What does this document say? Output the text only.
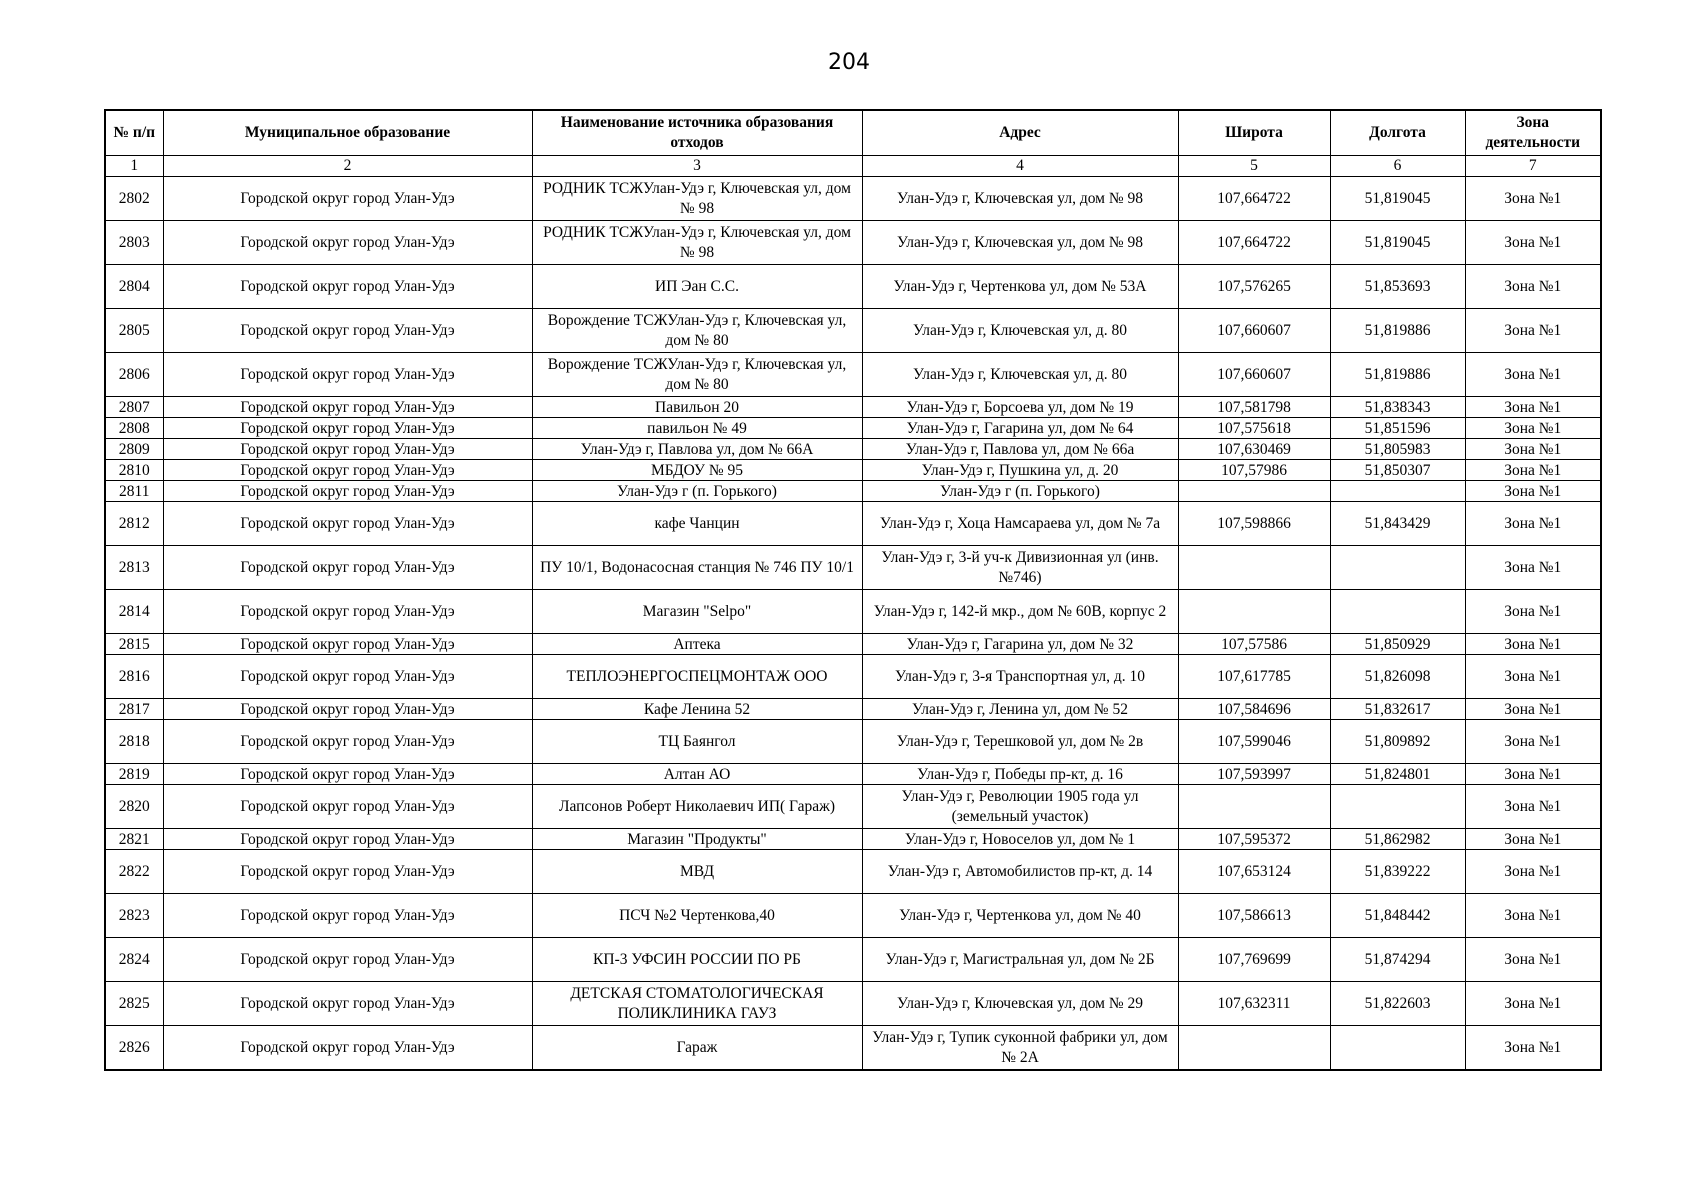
204
№ п/п	Муниципальное образование	Наименование источника образования отходов	Адрес	Широта	Долгота	Зона деятельности
1	2	3	4	5	6	7
2802	Городской округ город Улан-Удэ	РОДНИК ТСЖУлан-Удэ г, Ключевская ул, дом № 98	Улан-Удэ г, Ключевская ул, дом № 98	107,664722	51,819045	Зона №1
2803	Городской округ город Улан-Удэ	РОДНИК ТСЖУлан-Удэ г, Ключевская ул, дом № 98	Улан-Удэ г, Ключевская ул, дом № 98	107,664722	51,819045	Зона №1
2804	Городской округ город Улан-Удэ	ИП Эан С.С.	Улан-Удэ г, Чертенкова ул, дом № 53А	107,576265	51,853693	Зона №1
2805	Городской округ город Улан-Удэ	Ворождение ТСЖУлан-Удэ г, Ключевская ул, дом № 80	Улан-Удэ г, Ключевская ул, д. 80	107,660607	51,819886	Зона №1
2806	Городской округ город Улан-Удэ	Ворождение ТСЖУлан-Удэ г, Ключевская ул, дом № 80	Улан-Удэ г, Ключевская ул, д. 80	107,660607	51,819886	Зона №1
2807	Городской округ город Улан-Удэ	Павильон 20	Улан-Удэ г, Борсоева ул, дом № 19	107,581798	51,838343	Зона №1
2808	Городской округ город Улан-Удэ	павильон № 49	Улан-Удэ г, Гагарина ул, дом № 64	107,575618	51,851596	Зона №1
2809	Городской округ город Улан-Удэ	Улан-Удэ г, Павлова ул, дом № 66А	Улан-Удэ г, Павлова ул, дом № 66а	107,630469	51,805983	Зона №1
2810	Городской округ город Улан-Удэ	МБДОУ № 95	Улан-Удэ г, Пушкина ул, д. 20	107,57986	51,850307	Зона №1
2811	Городской округ город Улан-Удэ	Улан-Удэ г (п. Горького)	Улан-Удэ г (п. Горького)			Зона №1
2812	Городской округ город Улан-Удэ	кафе Чанцин	Улан-Удэ г, Хоца Намсараева ул, дом № 7а	107,598866	51,843429	Зона №1
2813	Городской округ город Улан-Удэ	ПУ 10/1, Водонасосная станция № 746 ПУ 10/1	Улан-Удэ г, 3-й уч-к Дивизионная ул (инв. №746)			Зона №1
2814	Городской округ город Улан-Удэ	Магазин "Selpo"	Улан-Удэ г, 142-й мкр., дом № 60В, корпус 2			Зона №1
2815	Городской округ город Улан-Удэ	Аптека	Улан-Удэ г, Гагарина ул, дом № 32	107,57586	51,850929	Зона №1
2816	Городской округ город Улан-Удэ	ТЕПЛОЭНЕРГОСПЕЦМОНТАЖ ООО	Улан-Удэ г, 3-я Транспортная ул, д. 10	107,617785	51,826098	Зона №1
2817	Городской округ город Улан-Удэ	Кафе Ленина 52	Улан-Удэ г, Ленина ул, дом № 52	107,584696	51,832617	Зона №1
2818	Городской округ город Улан-Удэ	ТЦ Баянгол	Улан-Удэ г, Терешковой ул, дом № 2в	107,599046	51,809892	Зона №1
2819	Городской округ город Улан-Удэ	Алтан АО	Улан-Удэ г, Победы пр-кт, д. 16	107,593997	51,824801	Зона №1
2820	Городской округ город Улан-Удэ	Лапсонов Роберт Николаевич ИП( Гараж)	Улан-Удэ г, Революции 1905 года ул (земельный участок)			Зона №1
2821	Городской округ город Улан-Удэ	Магазин "Продукты"	Улан-Удэ г, Новоселов ул, дом № 1	107,595372	51,862982	Зона №1
2822	Городской округ город Улан-Удэ	МВД	Улан-Удэ г, Автомобилистов пр-кт, д. 14	107,653124	51,839222	Зона №1
2823	Городской округ город Улан-Удэ	ПСЧ №2 Чертенкова,40	Улан-Удэ г, Чертенкова ул, дом № 40	107,586613	51,848442	Зона №1
2824	Городской округ город Улан-Удэ	КП-3 УФСИН РОССИИ ПО РБ	Улан-Удэ г, Магистральная ул, дом № 2Б	107,769699	51,874294	Зона №1
2825	Городской округ город Улан-Удэ	ДЕТСКАЯ СТОМАТОЛОГИЧЕСКАЯ ПОЛИКЛИНИКА ГАУЗ	Улан-Удэ г, Ключевская ул, дом № 29	107,632311	51,822603	Зона №1
2826	Городской округ город Улан-Удэ	Гараж	Улан-Удэ г, Тупик суконной фабрики ул, дом № 2А			Зона №1
